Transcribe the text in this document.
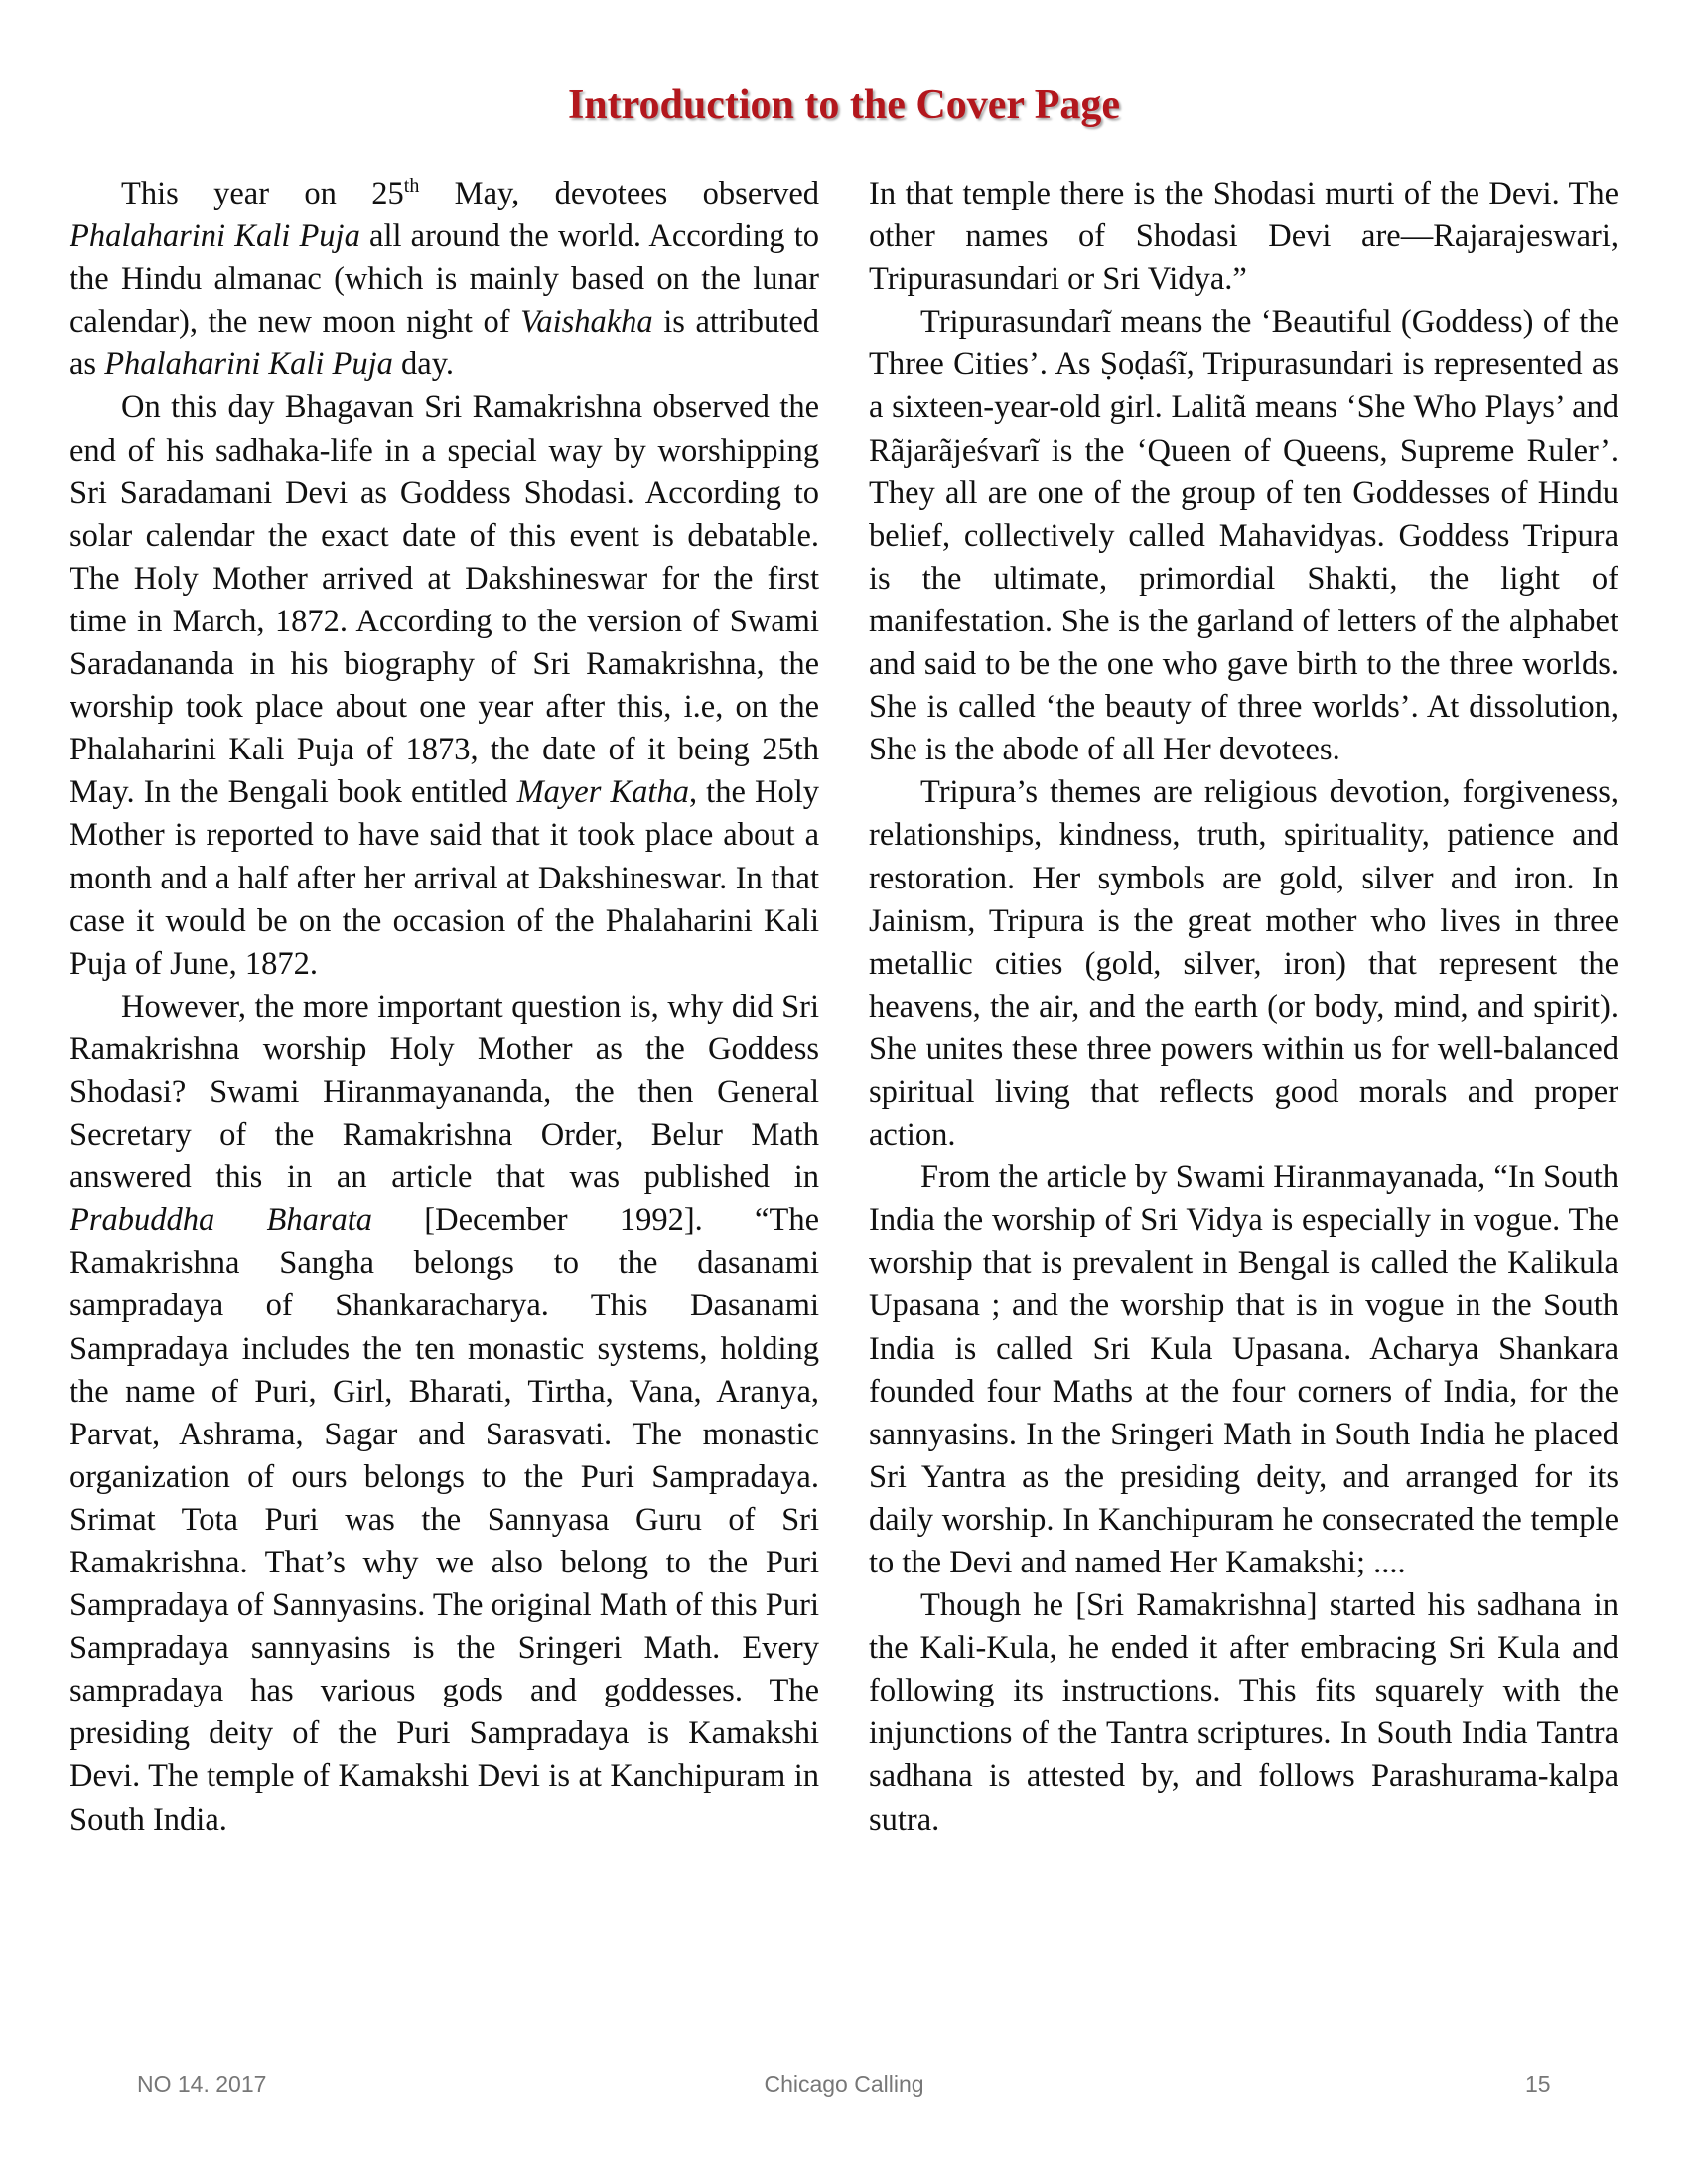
Introduction to the Cover Page

This year on 25th May, devotees observed Phalaharini Kali Puja all around the world. According to the Hindu almanac (which is mainly based on the lunar calendar), the new moon night of Vaishakha is attributed as Phalaharini Kali Puja day.

On this day Bhagavan Sri Ramakrishna observed the end of his sadhaka-life in a special way by worshipping Sri Saradamani Devi as Goddess Shodasi. According to solar calendar the exact date of this event is debatable. The Holy Mother arrived at Dakshineswar for the first time in March, 1872. According to the version of Swami Saradananda in his biography of Sri Ramakrishna, the worship took place about one year after this, i.e, on the Phalaharini Kali Puja of 1873, the date of it being 25th May. In the Bengali book entitled Mayer Katha, the Holy Mother is reported to have said that it took place about a month and a half after her arrival at Dakshineswar. In that case it would be on the occasion of the Phalaharini Kali Puja of June, 1872.

However, the more important question is, why did Sri Ramakrishna worship Holy Mother as the Goddess Shodasi? Swami Hiranmayananda, the then General Secretary of the Ramakrishna Order, Belur Math answered this in an article that was published in Prabuddha Bharata [December 1992]. “The Ramakrishna Sangha belongs to the dasanami sampradaya of Shankaracharya. This Dasanami Sampradaya includes the ten monastic systems, holding the name of Puri, Girl, Bharati, Tirtha, Vana, Aranya, Parvat, Ashrama, Sagar and Sarasvati. The monastic organization of ours belongs to the Puri Sampradaya. Srimat Tota Puri was the Sannyasa Guru of Sri Ramakrishna. That’s why we also belong to the Puri Sampradaya of Sannyasins. The original Math of this Puri Sampradaya sannyasins is the Sringeri Math. Every sampradaya has various gods and goddesses. The presiding deity of the Puri Sampradaya is Kamakshi Devi. The temple of Kamakshi Devi is at Kanchipuram in South India.

In that temple there is the Shodasi murti of the Devi. The other names of Shodasi Devi are—Rajarajeswari, Tripurasundari or Sri Vidya.”

Tripurasundarĩ means the ‘Beautiful (Goddess) of the Three Cities’. As Ṣoḍaśĩ, Tripurasundari is represented as a sixteen-year-old girl. Lalitã means ‘She Who Plays’ and Rãjarãjeśvarĩ is the ‘Queen of Queens, Supreme Ruler’. They all are one of the group of ten Goddesses of Hindu belief, collectively called Mahavidyas. Goddess Tripura is the ultimate, primordial Shakti, the light of manifestation. She is the garland of letters of the alphabet and said to be the one who gave birth to the three worlds. She is called ‘the beauty of three worlds’. At dissolution, She is the abode of all Her devotees.

Tripura’s themes are religious devotion, forgiveness, relationships, kindness, truth, spirituality, patience and restoration. Her symbols are gold, silver and iron. In Jainism, Tripura is the great mother who lives in three metallic cities (gold, silver, iron) that represent the heavens, the air, and the earth (or body, mind, and spirit). She unites these three powers within us for well-balanced spiritual living that reflects good morals and proper action.

From the article by Swami Hiranmayanada, “In South India the worship of Sri Vidya is especially in vogue. The worship that is prevalent in Bengal is called the Kalikula Upasana ; and the worship that is in vogue in the South India is called Sri Kula Upasana. Acharya Shankara founded four Maths at the four corners of India, for the sannyasins. In the Sringeri Math in South India he placed Sri Yantra as the presiding deity, and arranged for its daily worship. In Kanchipuram he consecrated the temple to the Devi and named Her Kamakshi; ....

Though he [Sri Ramakrishna] started his sadhana in the Kali-Kula, he ended it after embracing Sri Kula and following its instructions. This fits squarely with the injunctions of the Tantra scriptures. In South India Tantra sadhana is attested by, and follows Parashurama-kalpa sutra.

NO 14. 2017	Chicago Calling	15
